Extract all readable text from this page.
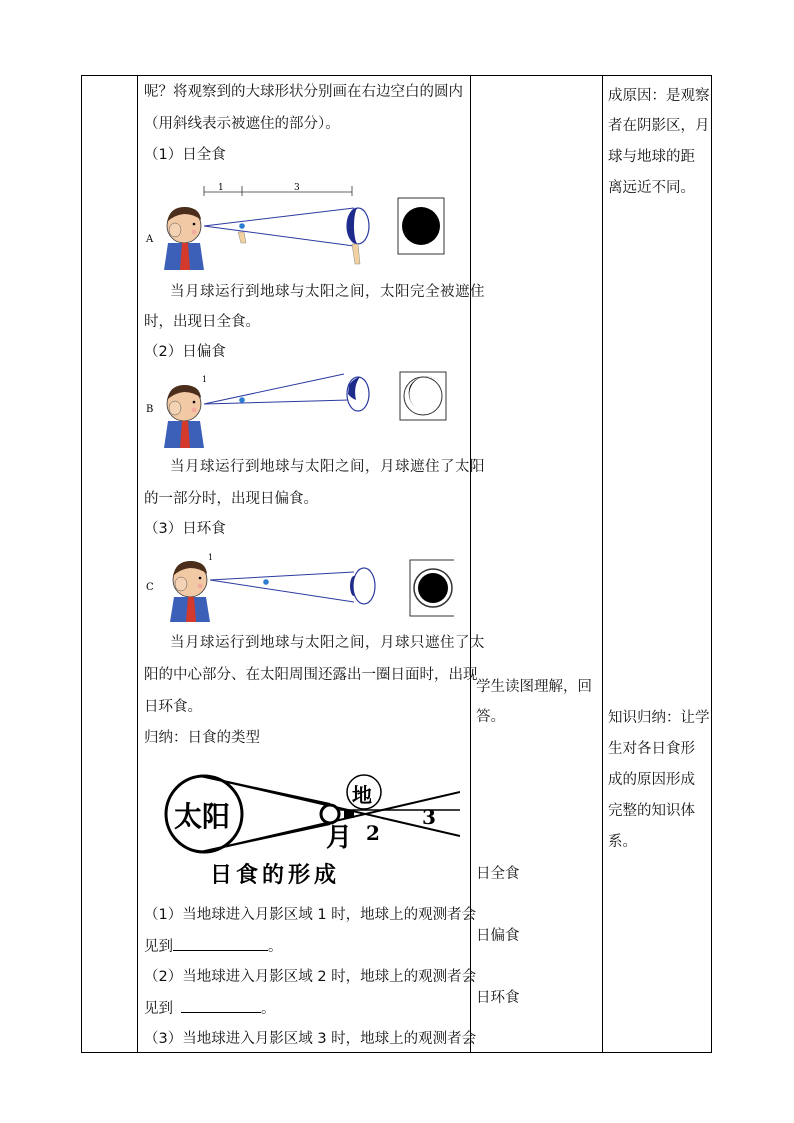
呢？将观察到的大球形状分别画在右边空白的圆内
（用斜线表示被遮住的部分）。
（1）日全食
A
1	3
当月球运行到地球与太阳之间，太阳完全被遮住
时，出现日全食。
（2）日偏食
B
1
当月球运行到地球与太阳之间，月球遮住了太阳
的一部分时，出现日偏食。
（3）日环食
C
1
当月球运行到地球与太阳之间，月球只遮住了太
阳的中心部分、在太阳周围还露出一圈日面时，出现
日环食。
归纳：日食的类型
太阳
地
月 2
3
日食的形成
（1）当地球进入月影区域 1 时，地球上的观测者会
见到	。
（2）当地球进入月影区域 2 时，地球上的观测者会
见到	。
（3）当地球进入月影区域 3 时，地球上的观测者会
学生读图理解，回
答。
日全食
日偏食
日环食
成原因：是观察
者在阴影区，月
球与地球的距
离远近不同。
知识归纳：让学
生对各日食形
成的原因形成
完整的知识体
系。
